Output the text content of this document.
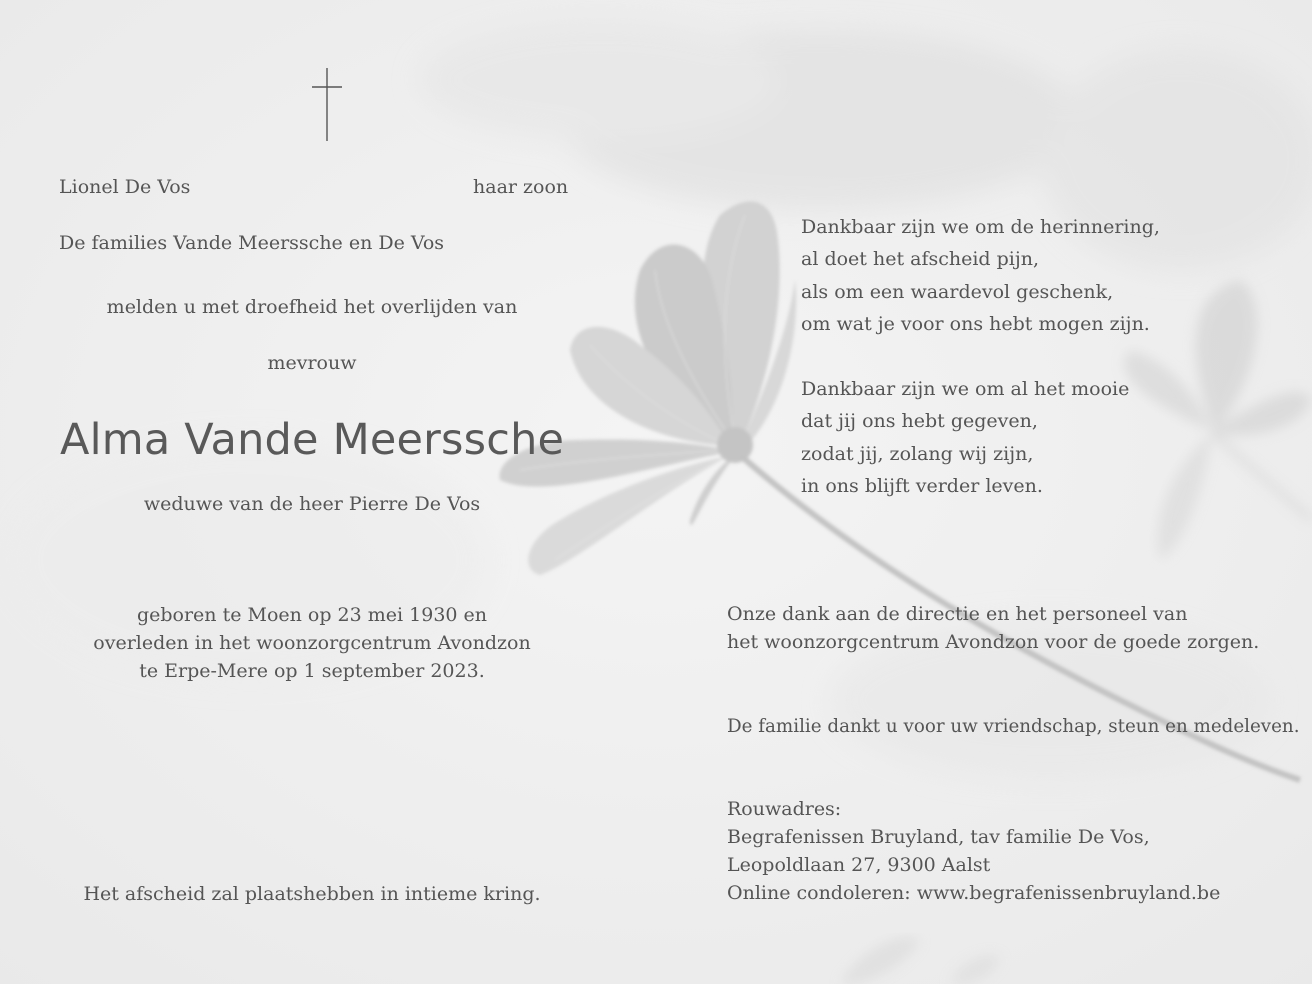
Lionel De Vos	haar zoon
De families Vande Meerssche en De Vos
melden u met droefheid het overlijden van
mevrouw
Alma Vande Meerssche
weduwe van de heer Pierre De Vos
geboren te Moen op 23 mei 1930 en
overleden in het woonzorgcentrum Avondzon
te Erpe-Mere op 1 september 2023.
Het afscheid zal plaatshebben in intieme kring.
Dankbaar zijn we om de herinnering,
al doet het afscheid pijn,
als om een waardevol geschenk,
om wat je voor ons hebt mogen zijn.
Dankbaar zijn we om al het mooie
dat jij ons hebt gegeven,
zodat jij, zolang wij zijn,
in ons blijft verder leven.
Onze dank aan de directie en het personeel van
het woonzorgcentrum Avondzon voor de goede zorgen.
De familie dankt u voor uw vriendschap, steun en medeleven.
Rouwadres:
Begrafenissen Bruyland, tav familie De Vos,
Leopoldlaan 27, 9300 Aalst
Online condoleren: www.begrafenissenbruyland.be
